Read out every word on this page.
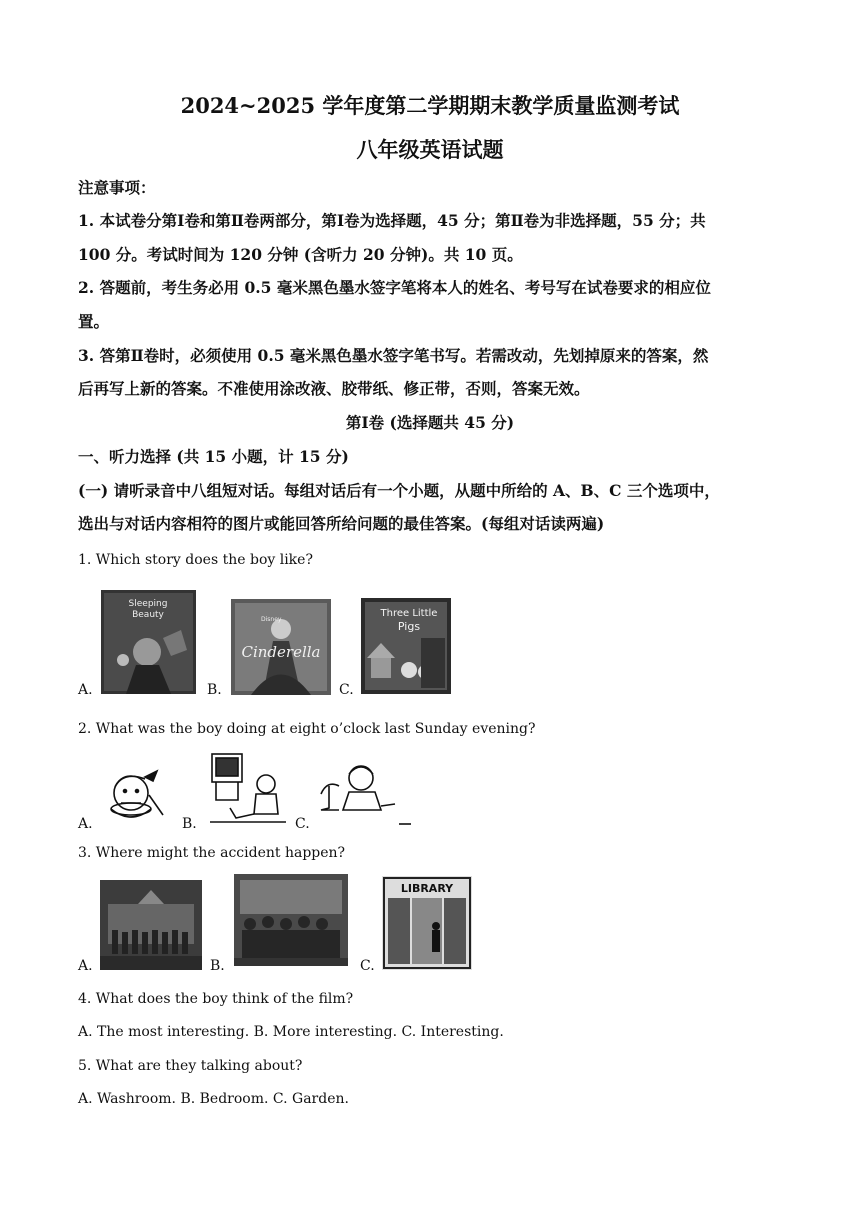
2024~2025 学年度第二学期期末教学质量监测考试
八年级英语试题
注意事项：
1. 本试卷分第Ⅰ卷和第Ⅱ卷两部分，第Ⅰ卷为选择题，45 分；第Ⅱ卷为非选择题，55 分；共
100 分。考试时间为 120 分钟 (含听力 20 分钟)。共 10 页。
2. 答题前，考生务必用 0.5 毫米黑色墨水签字笔将本人的姓名、考号写在试卷要求的相应位
置。
3. 答第Ⅱ卷时，必须使用 0.5 毫米黑色墨水签字笔书写。若需改动，先划掉原来的答案，然
后再写上新的答案。不准使用涂改液、胶带纸、修正带，否则，答案无效。
第Ⅰ卷 (选择题共 45 分)
一、听力选择 (共 15 小题，计 15 分)
(一) 请听录音中八组短对话。每组对话后有一个小题，从题中所给的 A、B、C 三个选项中，
选出与对话内容相符的图片或能回答所给问题的最佳答案。(每组对话读两遍)
1. Which story does the boy like?
A.
Sleeping
Beauty
B.
Disney
Cinderella
C.
Three Little
Pigs
2. What was the boy doing at eight o’clock last Sunday evening?
A.	B.	C.
3. Where might the accident happen?
A.	B.	C.
LIBRARY
4. What does the boy think of the film?
A. The most interesting. B. More interesting. C. Interesting.
5. What are they talking about?
A. Washroom. B. Bedroom. C. Garden.
